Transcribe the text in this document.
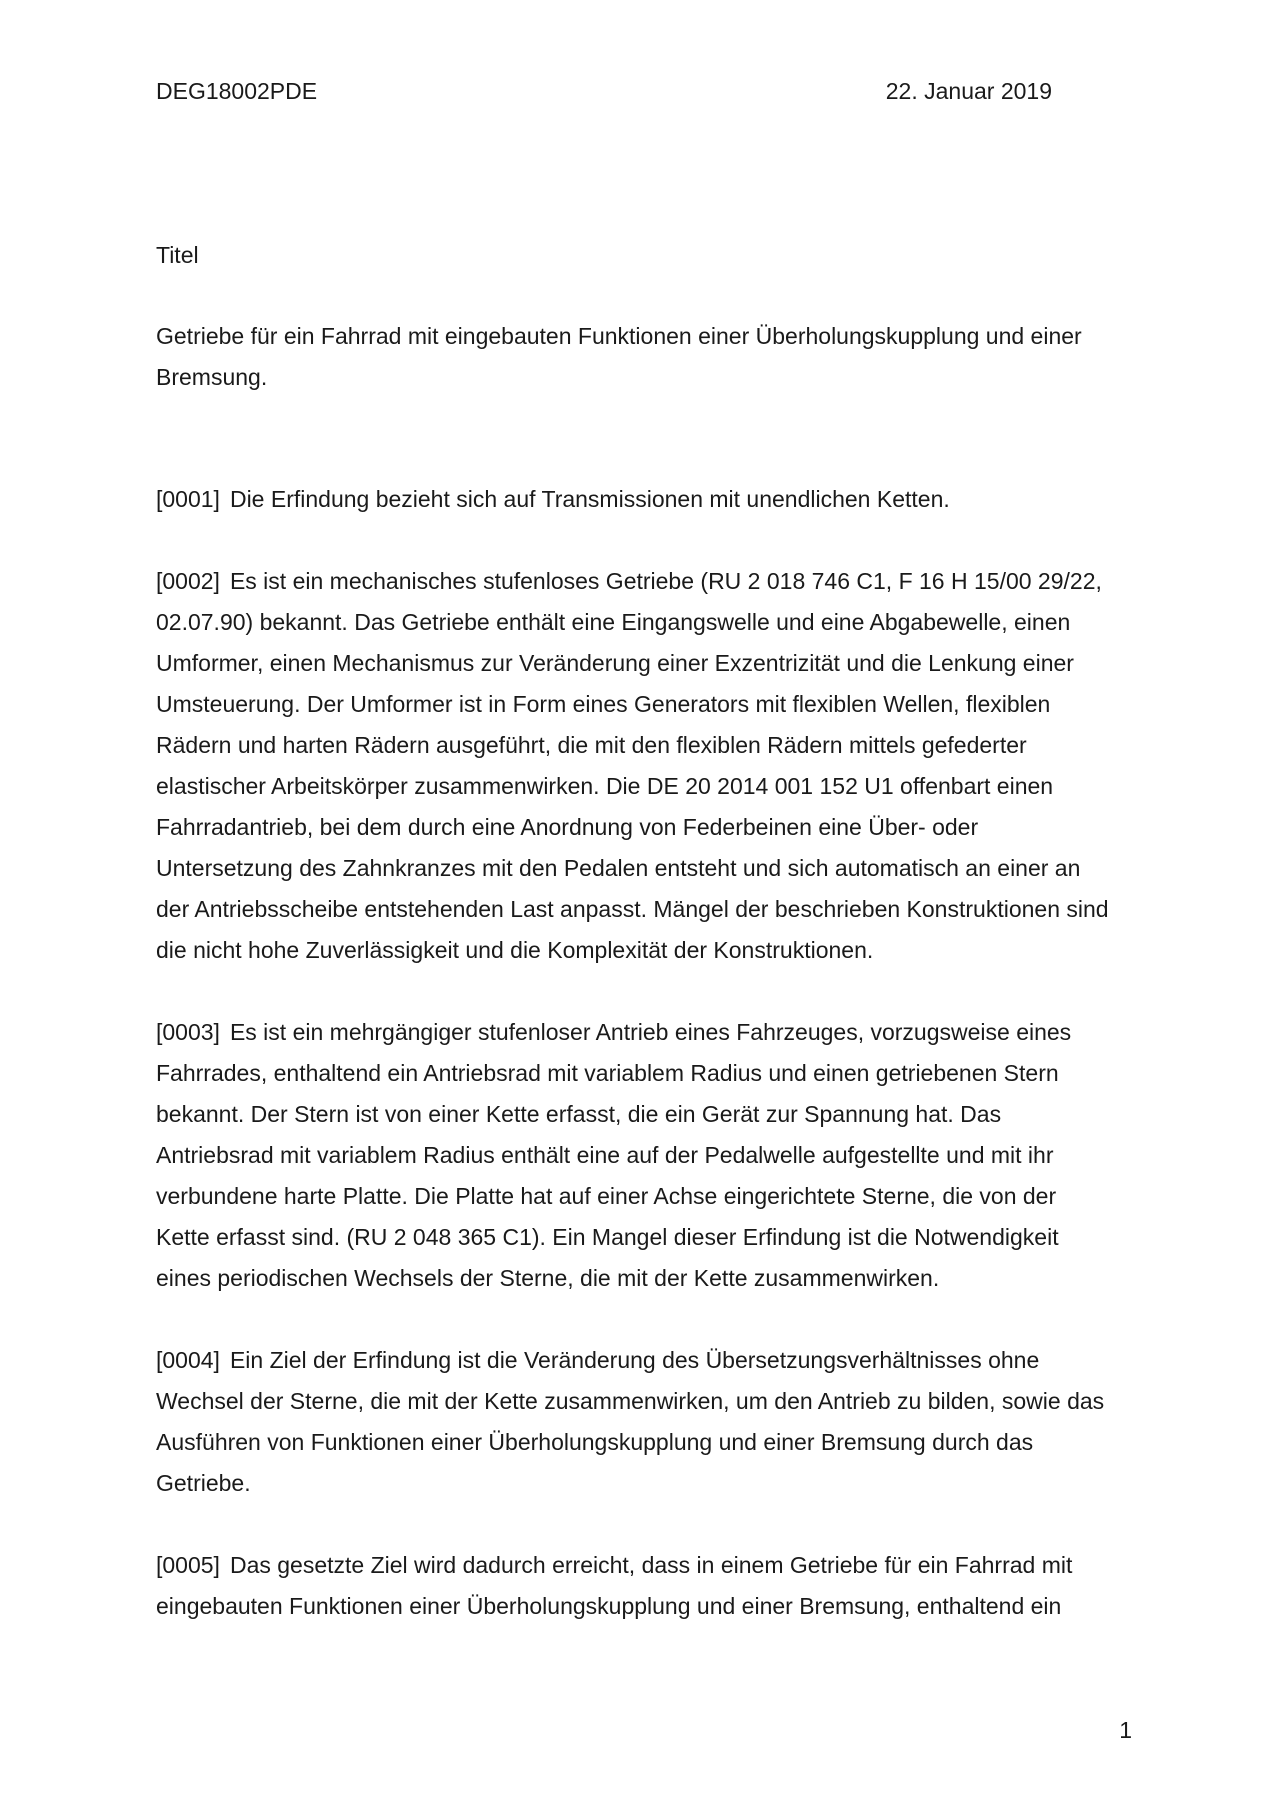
DEG18002PDE	22. Januar 2019
Titel
Getriebe für ein Fahrrad mit eingebauten Funktionen einer Überholungskupplung und einer Bremsung.
[0001] Die Erfindung bezieht sich auf Transmissionen mit unendlichen Ketten.
[0002] Es ist ein mechanisches stufenloses Getriebe (RU 2 018 746 C1, F 16 H 15/00 29/22, 02.07.90) bekannt. Das Getriebe enthält eine Eingangswelle und eine Abgabewelle, einen Umformer, einen Mechanismus zur Veränderung einer Exzentrizität und die Lenkung einer Umsteuerung. Der Umformer ist in Form eines Generators mit flexiblen Wellen, flexiblen Rädern und harten Rädern ausgeführt, die mit den flexiblen Rädern mittels gefederter elastischer Arbeitskörper zusammenwirken. Die DE 20 2014 001 152 U1 offenbart einen Fahrradantrieb, bei dem durch eine Anordnung von Federbeinen eine Über- oder Untersetzung des Zahnkranzes mit den Pedalen entsteht und sich automatisch an einer an der Antriebsscheibe entstehenden Last anpasst. Mängel der beschrieben Konstruktionen sind die nicht hohe Zuverlässigkeit und die Komplexität der Konstruktionen.
[0003] Es ist ein mehrgängiger stufenloser Antrieb eines Fahrzeuges, vorzugsweise eines Fahrrades, enthaltend ein Antriebsrad mit variablem Radius und einen getriebenen Stern bekannt. Der Stern ist von einer Kette erfasst, die ein Gerät zur Spannung hat. Das Antriebsrad mit variablem Radius enthält eine auf der Pedalwelle aufgestellte und mit ihr verbundene harte Platte. Die Platte hat auf einer Achse eingerichtete Sterne, die von der Kette erfasst sind. (RU 2 048 365 C1). Ein Mangel dieser Erfindung ist die Notwendigkeit eines periodischen Wechsels der Sterne, die mit der Kette zusammenwirken.
[0004] Ein Ziel der Erfindung ist die Veränderung des Übersetzungsverhältnisses ohne Wechsel der Sterne, die mit der Kette zusammenwirken, um den Antrieb zu bilden, sowie das Ausführen von Funktionen einer Überholungskupplung und einer Bremsung durch das Getriebe.
[0005] Das gesetzte Ziel wird dadurch erreicht, dass in einem Getriebe für ein Fahrrad mit eingebauten Funktionen einer Überholungskupplung und einer Bremsung, enthaltend ein
1
